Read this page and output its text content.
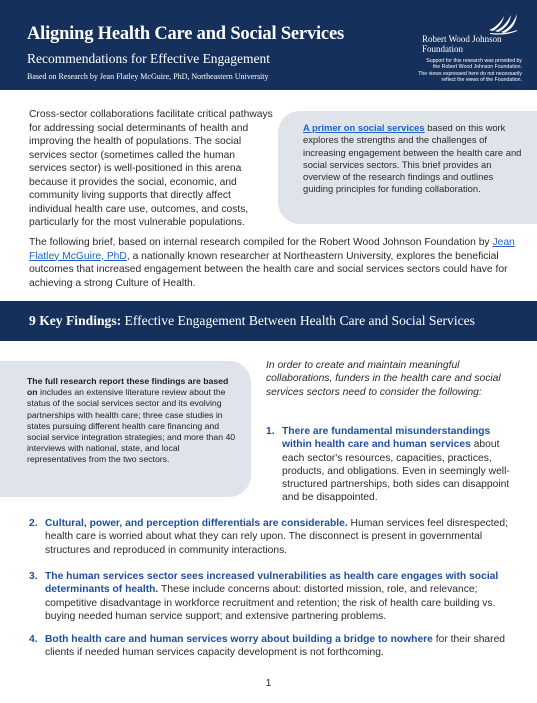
Aligning Health Care and Social Services
Recommendations for Effective Engagement
Based on Research by Jean Flatley McGuire, PhD, Northeastern University
Robert Wood Johnson
Foundation
Support for this research was provided by
the Robert Wood Johnson Foundation.
The views expressed here do not necessarily
reflect the views of the Foundation.

Cross-sector collaborations facilitate critical pathways for addressing social determinants of health and improving the health of populations. The social services sector (sometimes called the human services sector) is well-positioned in this arena because it provides the social, economic, and community living supports that directly affect individual health care use, outcomes, and costs, particularly for the most vulnerable populations.

A primer on social services based on this work explores the strengths and the challenges of increasing engagement between the health care and social services sectors. This brief provides an overview of the research findings and outlines guiding principles for funding collaboration.

The following brief, based on internal research compiled for the Robert Wood Johnson Foundation by Jean Flatley McGuire, PhD, a nationally known researcher at Northeastern University, explores the beneficial outcomes that increased engagement between the health care and social services sectors could have for achieving a strong Culture of Health.

9 Key Findings: Effective Engagement Between Health Care and Social Services

The full research report these findings are based on includes an extensive literature review about the status of the social services sector and its evolving partnerships with health care; three case studies in states pursuing different health care financing and social service integration strategies; and more than 40 interviews with national, state, and local representatives from the two sectors.

In order to create and maintain meaningful collaborations, funders in the health care and social services sectors need to consider the following:

1. There are fundamental misunderstandings within health care and human services about each sector's resources, capacities, practices, products, and obligations. Even in seemingly well-structured partnerships, both sides can disappoint and be disappointed.

2. Cultural, power, and perception differentials are considerable. Human services feel disrespected; health care is worried about what they can rely upon. The disconnect is present in governmental structures and reproduced in community interactions.

3. The human services sector sees increased vulnerabilities as health care engages with social determinants of health. These include concerns about: distorted mission, role, and relevance; competitive disadvantage in workforce recruitment and retention; the risk of health care building vs. buying needed human service support; and extensive partnering problems.

4. Both health care and human services worry about building a bridge to nowhere for their shared clients if needed human services capacity development is not forthcoming.

1
